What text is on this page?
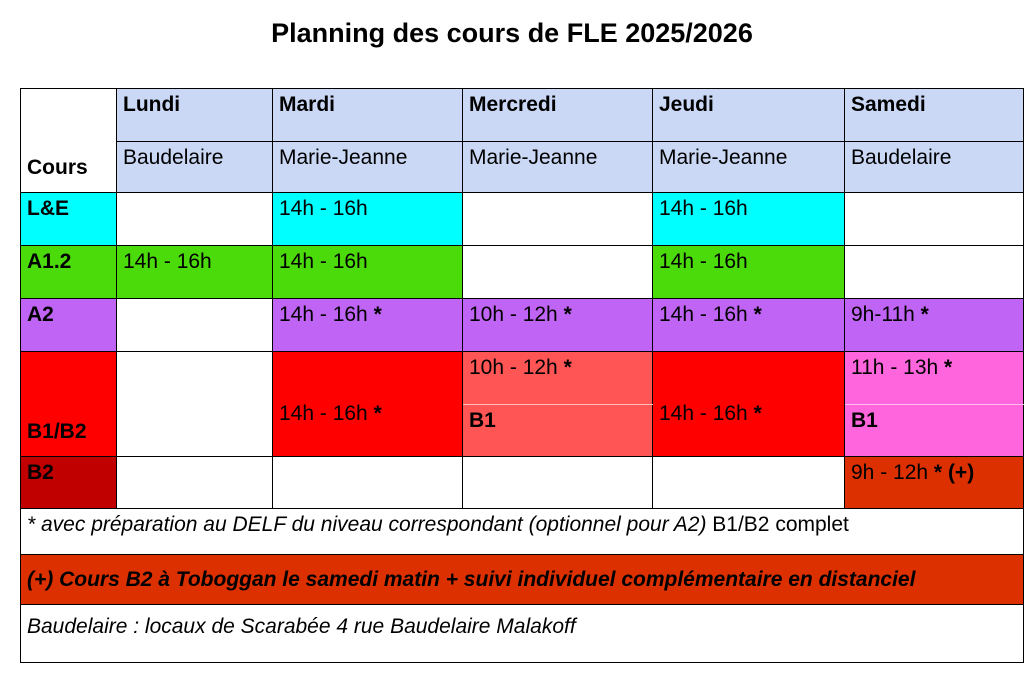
Planning des cours de FLE 2025/2026
Cours	Lundi	Mardi	Mercredi	Jeudi	Samedi
	Baudelaire	Marie-Jeanne	Marie-Jeanne	Marie-Jeanne	Baudelaire
L&E		14h - 16h		14h - 16h	
A1.2	14h - 16h	14h - 16h		14h - 16h	
A2		14h - 16h *	10h - 12h *	14h - 16h *	9h-11h *
B1/B2		14h - 16h *	10h - 12h *	14h - 16h *	11h - 13h *
			B1		B1
B2					9h - 12h * (+)
* avec préparation au DELF du niveau correspondant (optionnel pour A2) B1/B2 complet					
(+) Cours B2 à Toboggan le samedi matin + suivi individuel complémentaire en distanciel					
Baudelaire : locaux de Scarabée 4 rue Baudelaire Malakoff					
